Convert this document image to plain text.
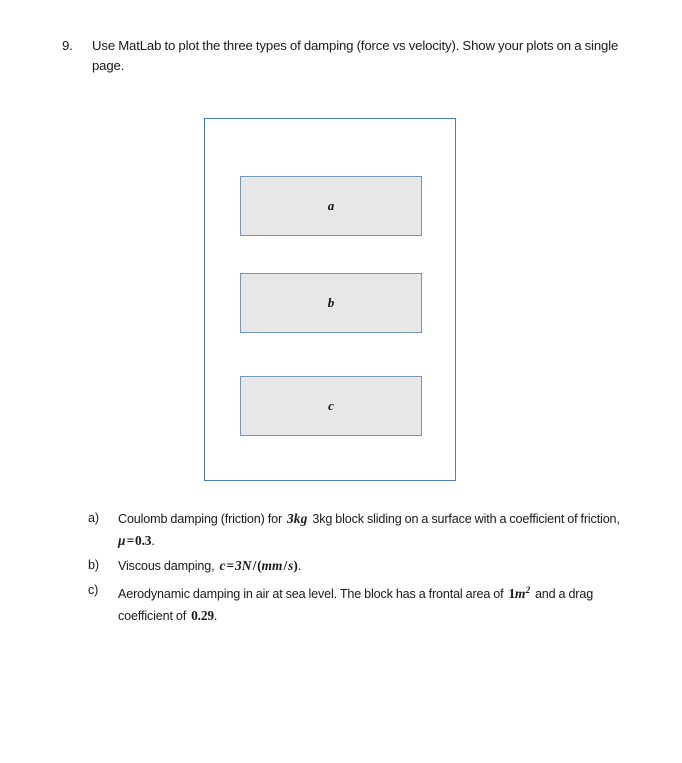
9.	Use MatLab to plot the three types of damping (force vs velocity). Show your plots on a single page.
a
b
c
a)	Coulomb damping (friction) for 3kg 3kg block sliding on a surface with a coefficient of friction,μ=0.3.
b)	Viscous damping, c=3N/(mm/s).
c)	Aerodynamic damping in air at sea level. The block has a frontal area of $1m^2$ and a drag coefficient of 0.29.
